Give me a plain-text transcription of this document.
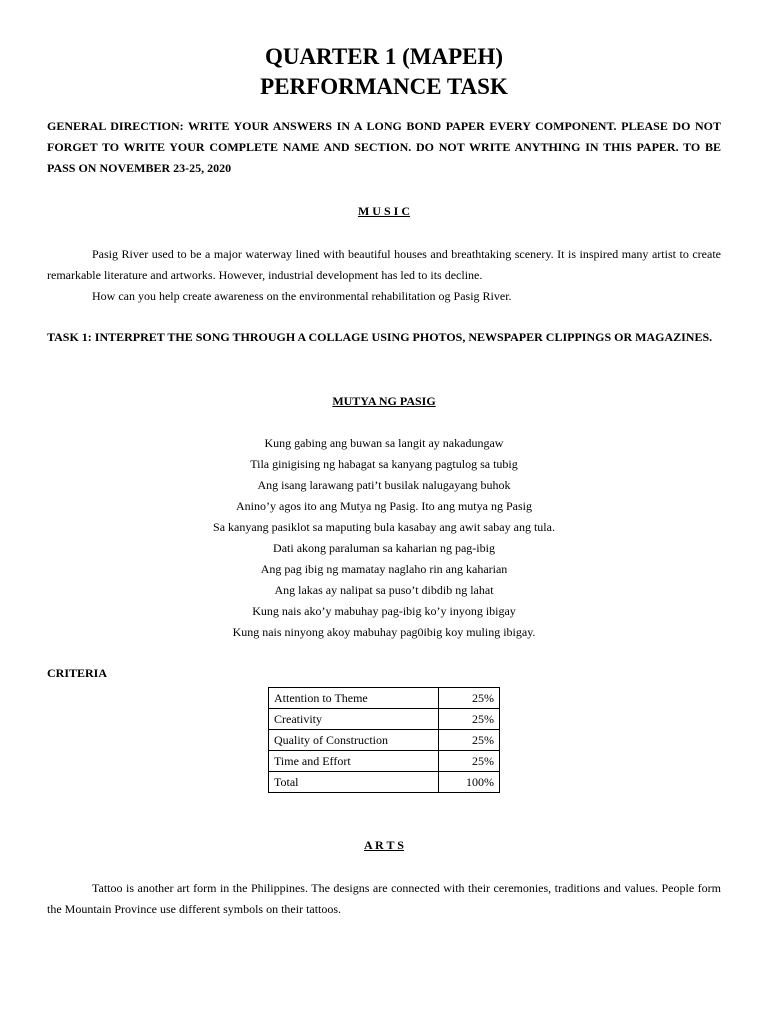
QUARTER 1 (MAPEH)
PERFORMANCE TASK

GENERAL DIRECTION: WRITE YOUR ANSWERS IN A LONG BOND PAPER EVERY COMPONENT. PLEASE DO NOT FORGET TO WRITE YOUR COMPLETE NAME AND SECTION. DO NOT WRITE ANYTHING IN THIS PAPER. TO BE PASS ON NOVEMBER 23-25, 2020

M U S I C

Pasig River used to be a major waterway lined with beautiful houses and breathtaking scenery. It is inspired many artist to create remarkable literature and artworks. However, industrial development has led to its decline.

How can you help create awareness on the environmental rehabilitation og Pasig River.

TASK 1: INTERPRET THE SONG THROUGH A COLLAGE USING PHOTOS, NEWSPAPER CLIPPINGS OR MAGAZINES.

MUTYA NG PASIG

Kung gabing ang buwan sa langit ay nakadungaw
Tila ginigising ng habagat sa kanyang pagtulog sa tubig
Ang isang larawang pati’t busilak nalugayang buhok
Anino’y agos ito ang Mutya ng Pasig. Ito ang mutya ng Pasig
Sa kanyang pasiklot sa maputing bula kasabay ang awit sabay ang tula.
Dati akong paraluman sa kaharian ng pag-ibig
Ang pag ibig ng mamatay naglaho rin ang kaharian
Ang lakas ay nalipat sa puso’t dibdib ng lahat
Kung nais ako’y mabuhay pag-ibig ko’y inyong ibigay
Kung nais ninyong akoy mabuhay pag0ibig koy muling ibigay.

CRITERIA

Attention to Theme	25%
Creativity	25%
Quality of Construction	25%
Time and Effort	25%
Total	100%

A R T S

Tattoo is another art form in the Philippines. The designs are connected with their ceremonies, traditions and values. People form the Mountain Province use different symbols on their tattoos.
